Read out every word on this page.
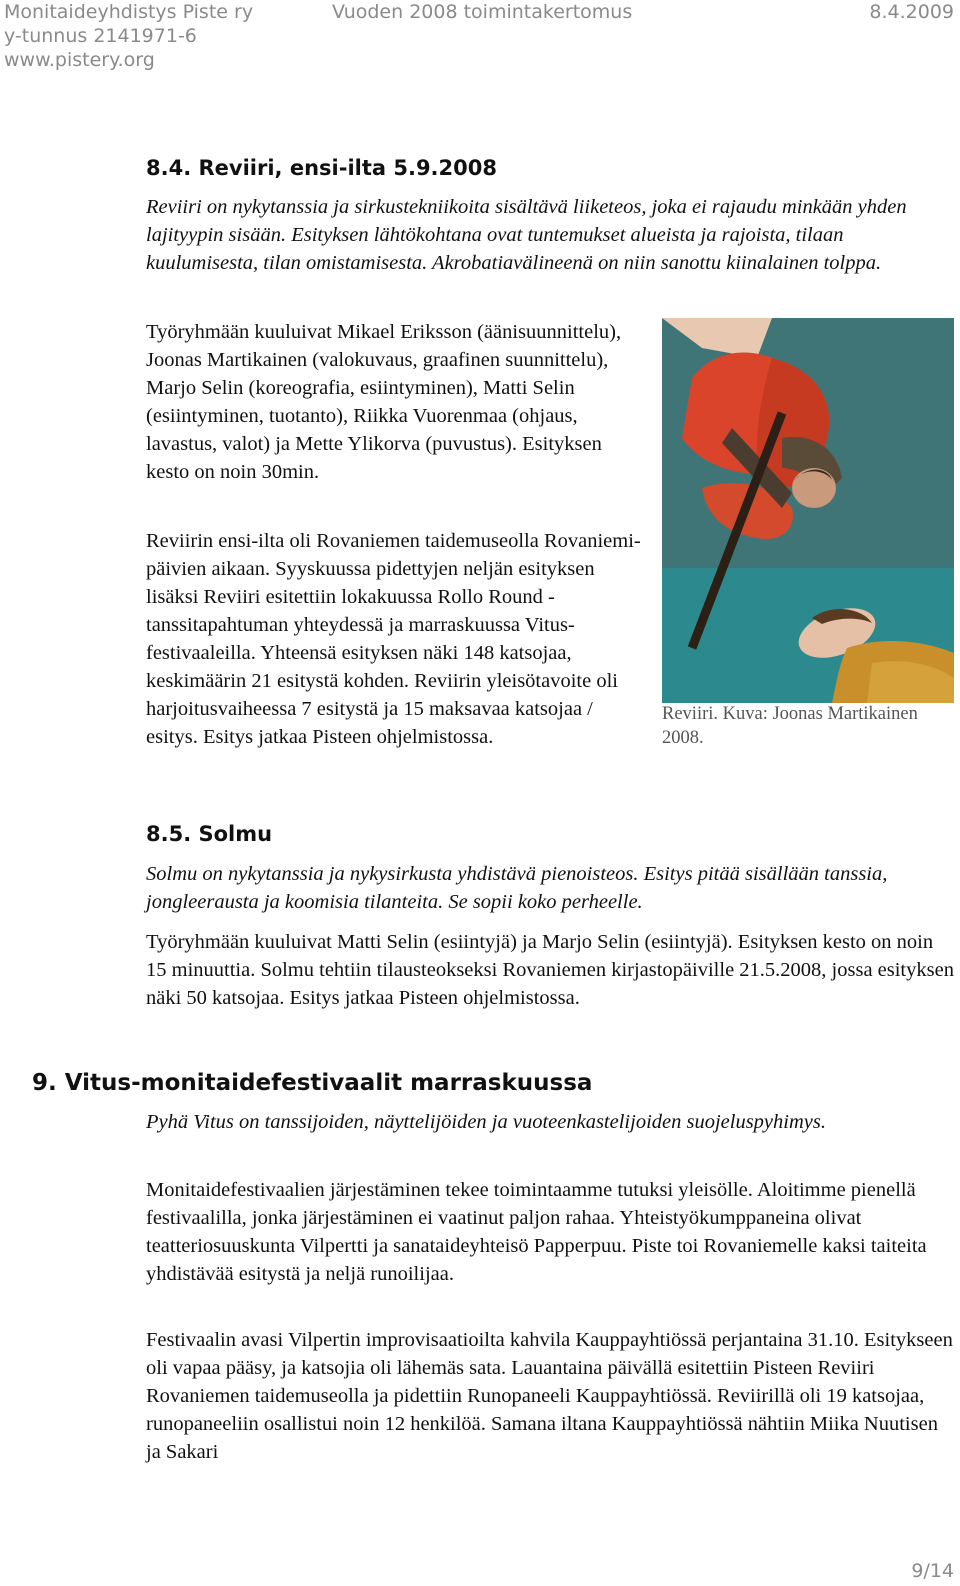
Monitaideyhdistys Piste ry	Vuoden 2008 toimintakertomus	8.4.2009
y-tunnus 2141971-6
www.pistery.org
8.4. Reviiri, ensi-ilta 5.9.2008

Reviiri on nykytanssia ja sirkustekniikoita sisältävä liiketeos, joka ei rajaudu minkään yhden lajityypin sisään. Esityksen lähtökohtana ovat tuntemukset alueista ja rajoista, tilaan kuulumisesta, tilan omistamisesta. Akrobatiavälineenä on niin sanottu kiinalainen tolppa.

Työryhmään kuuluivat Mikael Eriksson (äänisuunnittelu), Joonas Martikainen (valokuvaus, graafinen suunnittelu), Marjo Selin (koreografia, esiintyminen), Matti Selin (esiintyminen, tuotanto), Riikka Vuorenmaa (ohjaus, lavastus, valot) ja Mette Ylikorva (puvustus). Esityksen kesto on noin 30min.

Reviirin ensi-ilta oli Rovaniemen taidemuseolla Rovaniemi-päivien aikaan. Syyskuussa pidettyjen neljän esityksen lisäksi Reviiri esitettiin lokakuussa Rollo Round -tanssitapahtuman yhteydessä ja marraskuussa Vitus-festivaaleilla. Yhteensä esityksen näki 148 katsojaa, keskimäärin 21 esitystä kohden. Reviirin yleisötavoite oli harjoitusvaiheessa 7 esitystä ja 15 maksavaa katsojaa / esitys. Esitys jatkaa Pisteen ohjelmistossa.

Reviiri. Kuva: Joonas Martikainen 2008.
8.5. Solmu

Solmu on nykytanssia ja nykysirkusta yhdistävä pienoisteos. Esitys pitää sisällään tanssia, jongleerausta ja koomisia tilanteita. Se sopii koko perheelle.

Työryhmään kuuluivat Matti Selin (esiintyjä) ja Marjo Selin (esiintyjä). Esityksen kesto on noin 15 minuuttia. Solmu tehtiin tilausteokseksi Rovaniemen kirjastopäiville 21.5.2008, jossa esityksen näki 50 katsojaa. Esitys jatkaa Pisteen ohjelmistossa.

9. Vitus-monitaidefestivaalit marraskuussa

Pyhä Vitus on tanssijoiden, näyttelijöiden ja vuoteenkastelijoiden suojeluspyhimys.

Monitaidefestivaalien järjestäminen tekee toimintaamme tutuksi yleisölle. Aloitimme pienellä festivaalilla, jonka järjestäminen ei vaatinut paljon rahaa. Yhteistyökumppaneina olivat teatteriosuuskunta Vilpertti ja sanataideyhteisö Papperpuu. Piste toi Rovaniemelle kaksi taiteita yhdistävää esitystä ja neljä runoilijaa.

Festivaalin avasi Vilpertin improvisaatioilta kahvila Kauppayhtiössä perjantaina 31.10. Esitykseen oli vapaa pääsy, ja katsojia oli lähemäs sata. Lauantaina päivällä esitettiin Pisteen Reviiri Rovaniemen taidemuseolla ja pidettiin Runopaneeli Kauppayhtiössä. Reviirillä oli 19 katsojaa, runopaneeliin osallistui noin 12 henkilöä. Samana iltana Kauppayhtiössä nähtiin Miika Nuutisen ja Sakari

9/14
